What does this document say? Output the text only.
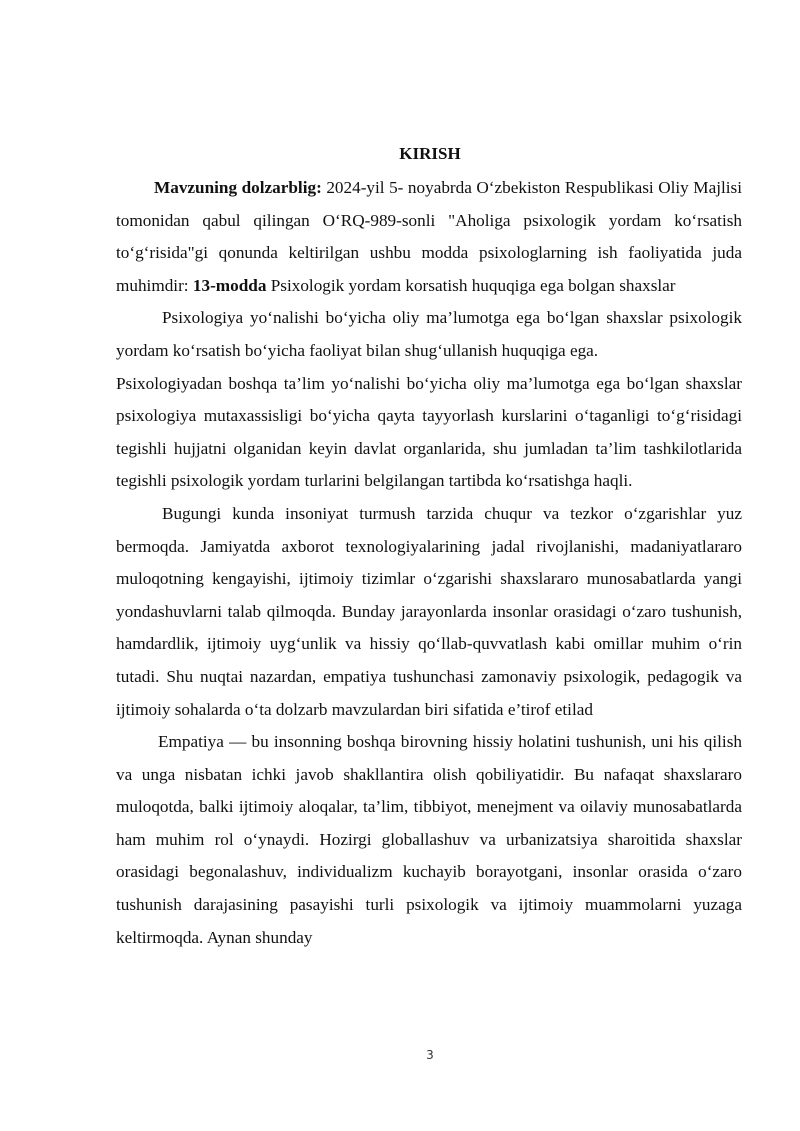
KIRISH

Mavzuning dolzarblig: 2024-yil 5- noyabrda O‘zbekiston Respublikasi Oliy Majlisi tomonidan qabul qilingan O‘RQ-989-sonli "Aholiga psixologik yordam ko‘rsatish to‘g‘risida"gi qonunda keltirilgan ushbu modda psixologlarning ish faoliyatida juda muhimdir: 13-modda Psixologik yordam korsatish huquqiga ega bolgan shaxslar

Psixologiya yo‘nalishi bo‘yicha oliy ma’lumotga ega bo‘lgan shaxslar psixologik yordam ko‘rsatish bo‘yicha faoliyat bilan shug‘ullanish huquqiga ega.

Psixologiyadan boshqa ta’lim yo‘nalishi bo‘yicha oliy ma’lumotga ega bo‘lgan shaxslar psixologiya mutaxassisligi bo‘yicha qayta tayyorlash kurslarini o‘taganligi to‘g‘risidagi tegishli hujjatni olganidan keyin davlat organlarida, shu jumladan ta’lim tashkilotlarida tegishli psixologik yordam turlarini belgilangan tartibda ko‘rsatishga haqli.

Bugungi kunda insoniyat turmush tarzida chuqur va tezkor o‘zgarishlar yuz bermoqda. Jamiyatda axborot texnologiyalarining jadal rivojlanishi, madaniyatlararo muloqotning kengayishi, ijtimoiy tizimlar o‘zgarishi shaxslararo munosabatlarda yangi yondashuvlarni talab qilmoqda. Bunday jarayonlarda insonlar orasidagi o‘zaro tushunish, hamdardlik, ijtimoiy uyg‘unlik va hissiy qo‘llab-quvvatlash kabi omillar muhim o‘rin tutadi. Shu nuqtai nazardan, empatiya tushunchasi zamonaviy psixologik, pedagogik va ijtimoiy sohalarda o‘ta dolzarb mavzulardan biri sifatida e’tirof etilad

Empatiya — bu insonning boshqa birovning hissiy holatini tushunish, uni his qilish va unga nisbatan ichki javob shakllantira olish qobiliyatidir. Bu nafaqat shaxslararo muloqotda, balki ijtimoiy aloqalar, ta’lim, tibbiyot, menejment va oilaviy munosabatlarda ham muhim rol o‘ynaydi. Hozirgi globallashuv va urbanizatsiya sharoitida shaxslar orasidagi begonalashuv, individualizm kuchayib borayotgani, insonlar orasida o‘zaro tushunish darajasining pasayishi turli psixologik va ijtimoiy muammolarni yuzaga keltirmoqda. Aynan shunday

3
